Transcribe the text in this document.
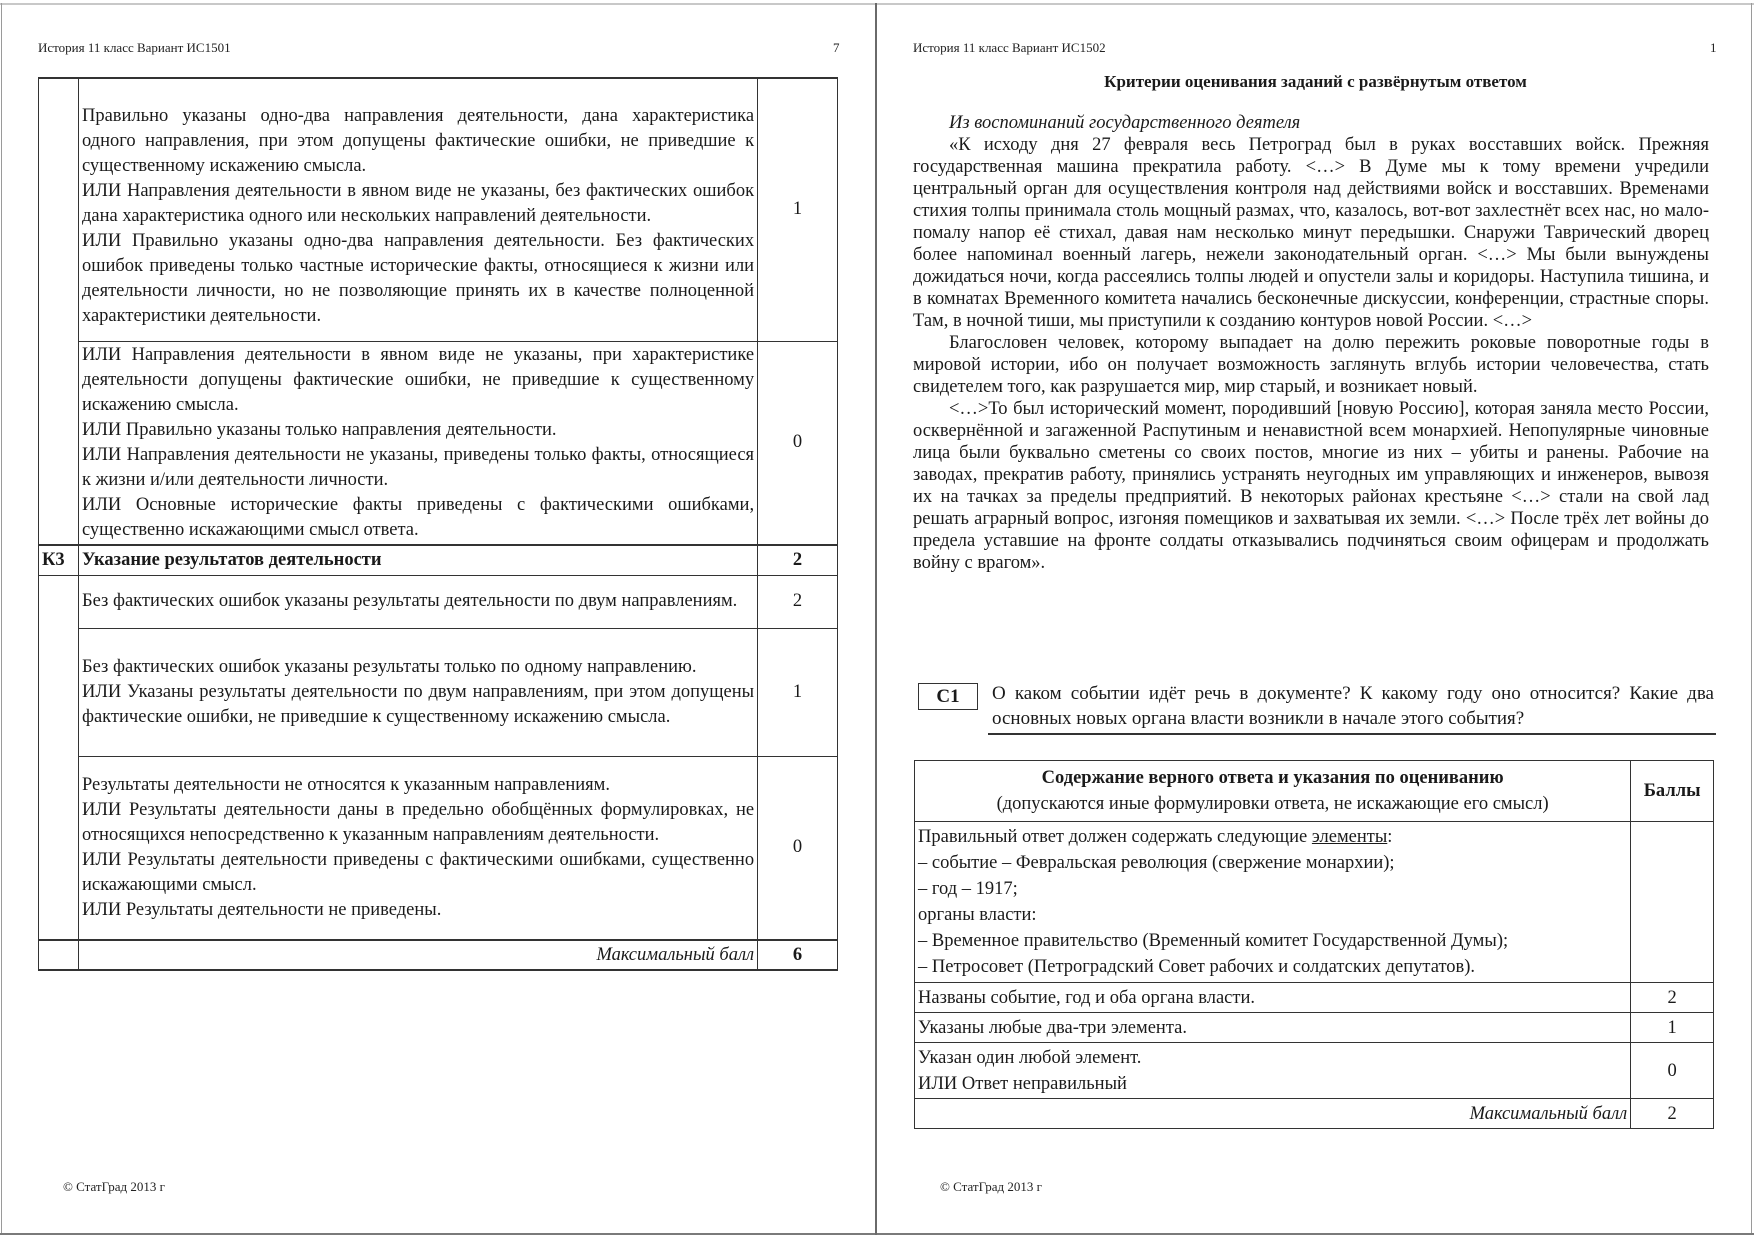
История 11 класс Вариант ИС1501	7

	Правильно указаны одно-два направления деятельности, дана характеристика одного направления, при этом допущены фактические ошибки, не приведшие к существенному искажению смысла.
ИЛИ Направления деятельности в явном виде не указаны, без фактических ошибок дана характеристика одного или нескольких направлений деятельности.
ИЛИ Правильно указаны одно-два направления деятельности. Без фактических ошибок приведены только частные исторические факты, относящиеся к жизни или деятельности личности, но не позволяющие принять их в качестве полноценной характеристики деятельности.	1

	ИЛИ Направления деятельности в явном виде не указаны, при характеристике деятельности допущены фактические ошибки, не приведшие к существенному искажению смысла.
ИЛИ Правильно указаны только направления деятельности.
ИЛИ Направления деятельности не указаны, приведены только факты, относящиеся к жизни и/или деятельности личности.
ИЛИ Основные исторические факты приведены с фактическими ошибками, существенно искажающими смысл ответа.	0
К3	Указание результатов деятельности	2

	Без фактических ошибок указаны результаты деятельности по двум направлениям.	2

	Без фактических ошибок указаны результаты только по одному направлению.
ИЛИ Указаны результаты деятельности по двум направлениям, при этом допущены фактические ошибки, не приведшие к существенному искажению смысла.	1

	Результаты деятельности не относятся к указанным направлениям.
ИЛИ Результаты деятельности даны в предельно обобщённых формулировках, не относящихся непосредственно к указанным направлениям деятельности.
ИЛИ Результаты деятельности приведены с фактическими ошибками, существенно искажающими смысл.
ИЛИ Результаты деятельности не приведены.	0
	Максимальный балл	6
© СтатГрад 2013 г
История 11 класс Вариант ИС1502	1
© СтатГрад 2013 г
Критерии оценивания заданий с развёрнутым ответом
Из воспоминаний государственного деятеля

«К исходу дня 27 февраля весь Петроград был в руках восставших войск. Прежняя государственная машина прекратила работу. <…> В Думе мы к тому времени учредили центральный орган для осуществления контроля над действиями войск и восставших. Временами стихия толпы принимала столь мощный размах, что, казалось, вот-вот захлестнёт всех нас, но мало-помалу напор её стихал, давая нам несколько минут передышки. Снаружи Таврический дворец более напоминал военный лагерь, нежели законодательный орган. <…> Мы были вынуждены дожидаться ночи, когда рассеялись толпы людей и опустели залы и коридоры. Наступила тишина, и в комнатах Временного комитета начались бесконечные дискуссии, конференции, страстные споры. Там, в ночной тиши, мы приступили к созданию контуров новой России. <…>

Благословен человек, которому выпадает на долю пережить роковые поворотные годы в мировой истории, ибо он получает возможность заглянуть вглубь истории человечества, стать свидетелем того, как разрушается мир, мир старый, и возникает новый.

<…>То был исторический момент, породивший [новую Россию], которая заняла место России, осквернённой и загаженной Распутиным и ненавистной всем монархией. Непопулярные чиновные лица были буквально сметены со своих постов, многие из них – убиты и ранены. Рабочие на заводах, прекратив работу, принялись устранять неугодных им управляющих и инженеров, вывозя их на тачках за пределы предприятий. В некоторых районах крестьяне <…> стали на свой лад решать аграрный вопрос, изгоняя помещиков и захватывая их земли. <…> После трёх лет войны до предела уставшие на фронте солдаты отказывались подчиняться своим офицерам и продолжать войну с врагом».

С1	О каком событии идёт речь в документе? К какому году оно относится? Какие два основных новых органа власти возникли в начале этого события?
Содержание верного ответа и указания по оцениванию
(допускаются иные формулировки ответа, не искажающие его смысл)	Баллы

Правильный ответ должен содержать следующие элементы:
– событие – Февральская революция (свержение монархии);
– год – 1917;
органы власти:
– Временное правительство (Временный комитет Государственной Думы);
– Петросовет (Петроградский Совет рабочих и солдатских депутатов).

Названы событие, год и оба органа власти.	2
Указаны любые два-три элемента.	1

Указан один любой элемент.
ИЛИ Ответ неправильный	0
Максимальный балл	2
